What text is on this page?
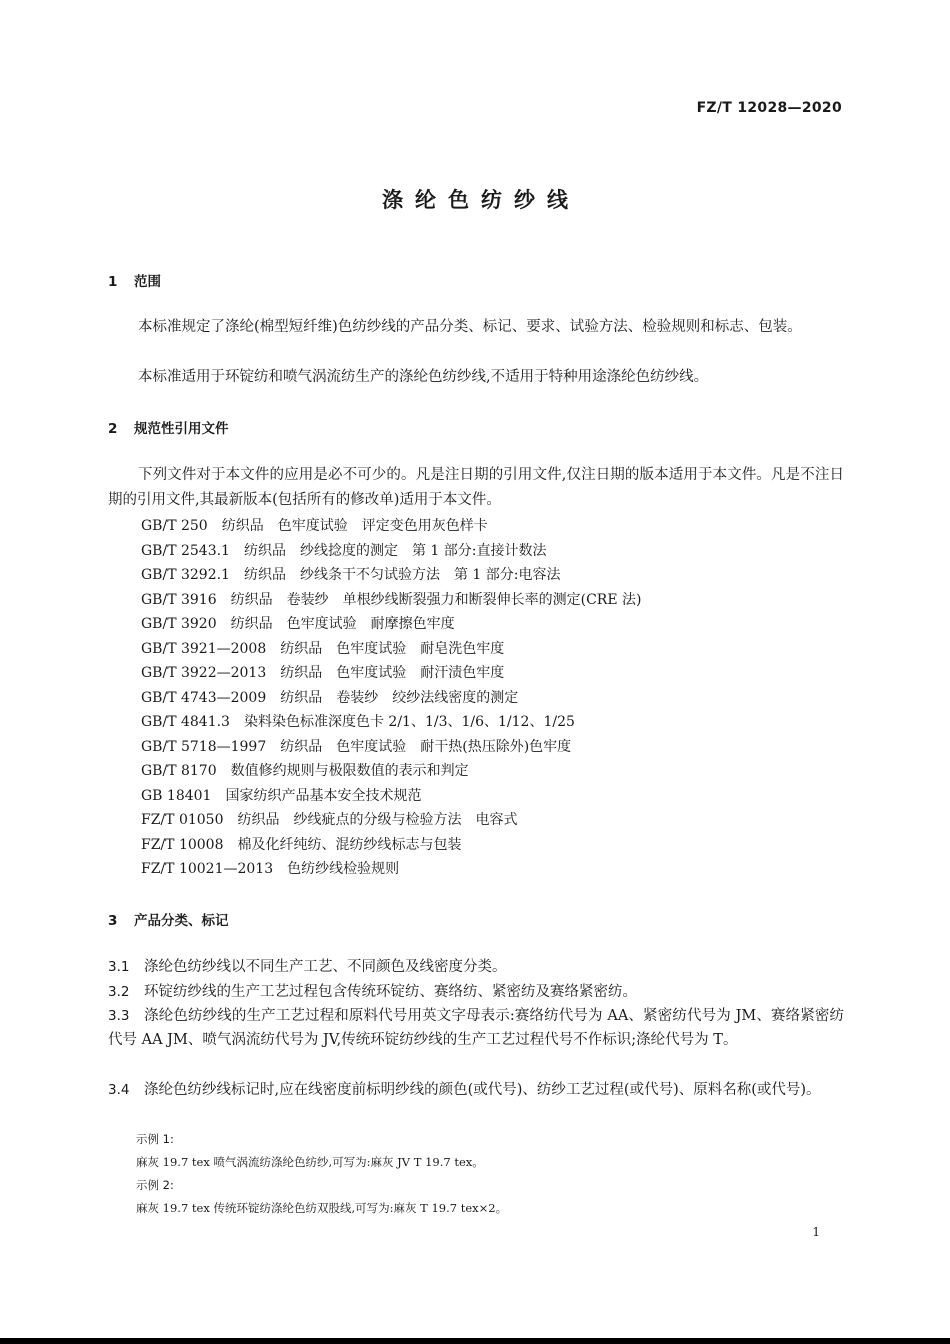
FZ/T 12028—2020
涤纶色纺纱线
1 范围
本标准规定了涤纶(棉型短纤维)色纺纱线的产品分类、标记、要求、试验方法、检验规则和标志、包装。
本标准适用于环锭纺和喷气涡流纺生产的涤纶色纺纱线,不适用于特种用途涤纶色纺纱线。
2 规范性引用文件
下列文件对于本文件的应用是必不可少的。凡是注日期的引用文件,仅注日期的版本适用于本文件。凡是不注日期的引用文件,其最新版本(包括所有的修改单)适用于本文件。
GB/T 250 纺织品　色牢度试验　评定变色用灰色样卡
GB/T 2543.1 纺织品　纱线捻度的测定　第 1 部分:直接计数法
GB/T 3292.1 纺织品　纱线条干不匀试验方法　第 1 部分:电容法
GB/T 3916 纺织品　卷装纱　单根纱线断裂强力和断裂伸长率的测定(CRE 法)
GB/T 3920 纺织品　色牢度试验　耐摩擦色牢度
GB/T 3921—2008 纺织品　色牢度试验　耐皂洗色牢度
GB/T 3922—2013 纺织品　色牢度试验　耐汗渍色牢度
GB/T 4743—2009 纺织品　卷装纱　绞纱法线密度的测定
GB/T 4841.3 染料染色标准深度色卡 2/1、1/3、1/6、1/12、1/25
GB/T 5718—1997 纺织品　色牢度试验　耐干热(热压除外)色牢度
GB/T 8170 数值修约规则与极限数值的表示和判定
GB 18401 国家纺织产品基本安全技术规范
FZ/T 01050 纺织品　纱线疵点的分级与检验方法　电容式
FZ/T 10008 棉及化纤纯纺、混纺纱线标志与包装
FZ/T 10021—2013 色纺纱线检验规则
3 产品分类、标记
3.1 涤纶色纺纱线以不同生产工艺、不同颜色及线密度分类。
3.2 环锭纺纱线的生产工艺过程包含传统环锭纺、赛络纺、紧密纺及赛络紧密纺。
3.3 涤纶色纺纱线的生产工艺过程和原料代号用英文字母表示:赛络纺代号为 AA、紧密纺代号为 JM、赛络紧密纺代号 AA JM、喷气涡流纺代号为 JV,传统环锭纺纱线的生产工艺过程代号不作标识;涤纶代号为 T。
3.4 涤纶色纺纱线标记时,应在线密度前标明纱线的颜色(或代号)、纺纱工艺过程(或代号)、原料名称(或代号)。
示例 1:
麻灰 19.7 tex 喷气涡流纺涤纶色纺纱,可写为:麻灰 JV T 19.7 tex。
示例 2:
麻灰 19.7 tex 传统环锭纺涤纶色纺双股线,可写为:麻灰 T 19.7 tex×2。
1
